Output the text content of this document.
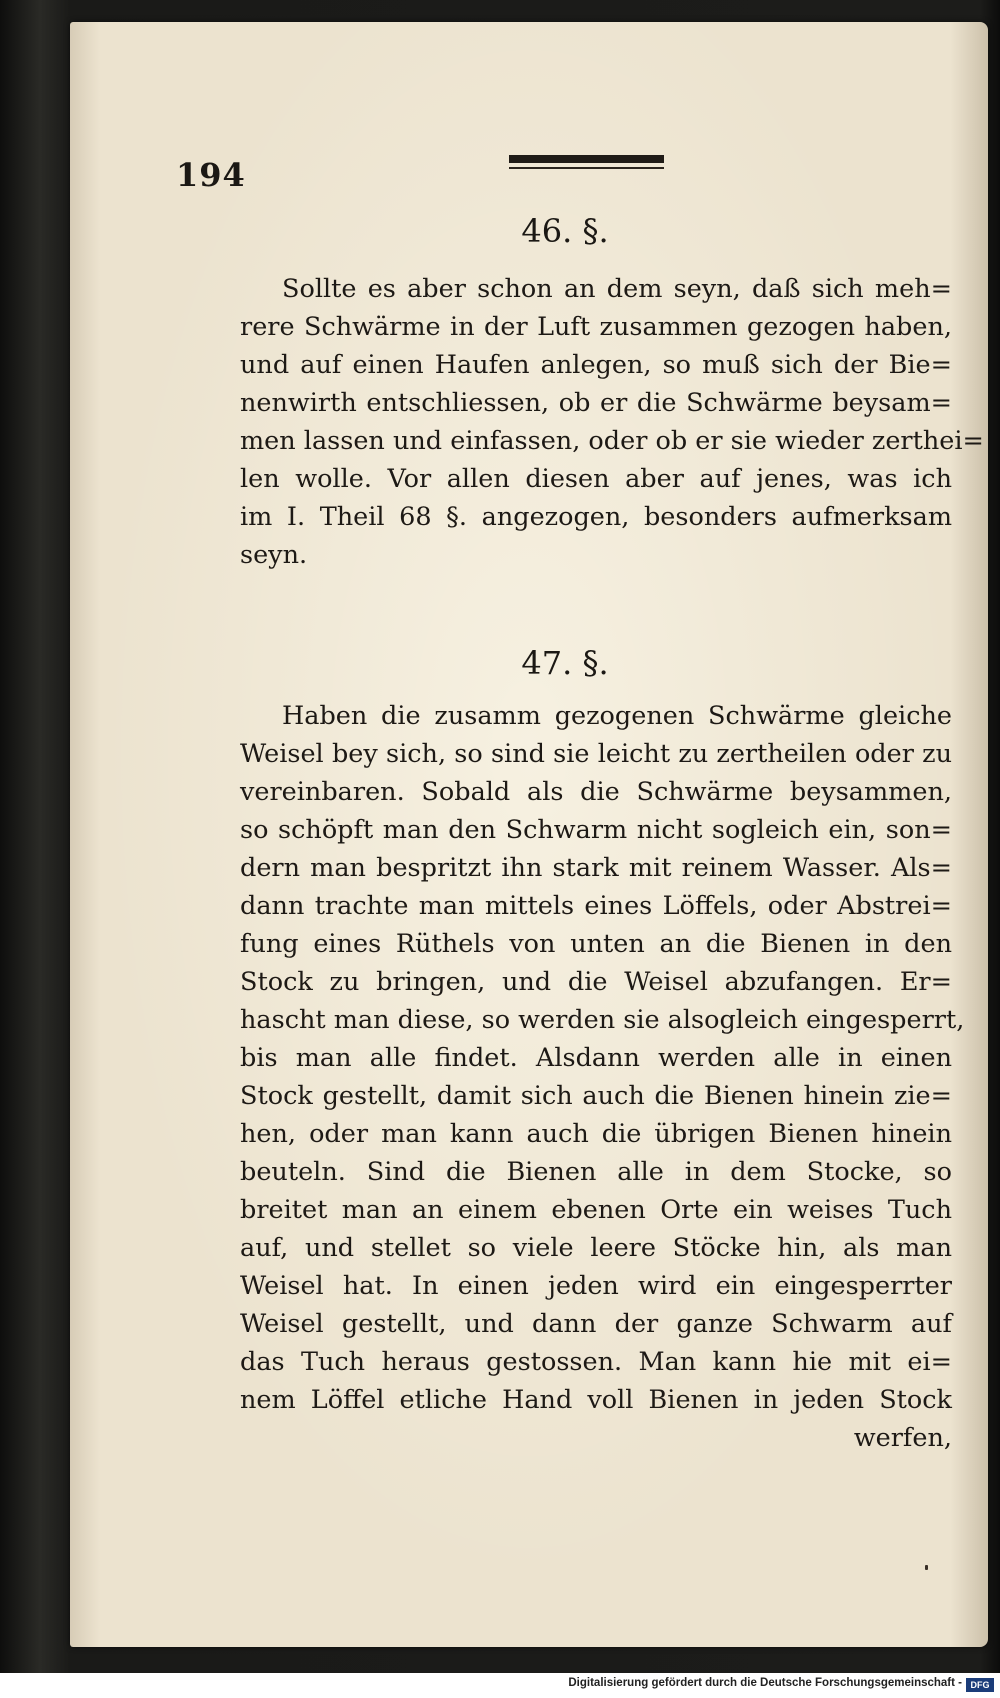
194
46. §.
Sollte es aber schon an dem seyn, daß sich meh=
rere Schwärme in der Luft zusammen gezogen haben,
und auf einen Haufen anlegen, so muß sich der Bie=
nenwirth entschliessen, ob er die Schwärme beysam=
men lassen und einfassen, oder ob er sie wieder zerthei=
len wolle. Vor allen diesen aber auf jenes, was ich
im I. Theil 68 §. angezogen, besonders aufmerksam
seyn.
47. §.
Haben die zusamm gezogenen Schwärme gleiche
Weisel bey sich, so sind sie leicht zu zertheilen oder zu
vereinbaren. Sobald als die Schwärme beysammen,
so schöpft man den Schwarm nicht sogleich ein, son=
dern man bespritzt ihn stark mit reinem Wasser. Als=
dann trachte man mittels eines Löffels, oder Abstrei=
fung eines Rüthels von unten an die Bienen in den
Stock zu bringen, und die Weisel abzufangen. Er=
hascht man diese, so werden sie alsogleich eingesperrt,
bis man alle findet. Alsdann werden alle in einen
Stock gestellt, damit sich auch die Bienen hinein zie=
hen, oder man kann auch die übrigen Bienen hinein
beuteln. Sind die Bienen alle in dem Stocke, so
breitet man an einem ebenen Orte ein weises Tuch
auf, und stellet so viele leere Stöcke hin, als man
Weisel hat. In einen jeden wird ein eingesperrter
Weisel gestellt, und dann der ganze Schwarm auf
das Tuch heraus gestossen. Man kann hie mit ei=
nem Löffel etliche Hand voll Bienen in jeden Stock
werfen,
Digitalisierung gefördert durch die Deutsche Forschungsgemeinschaft - DFG
